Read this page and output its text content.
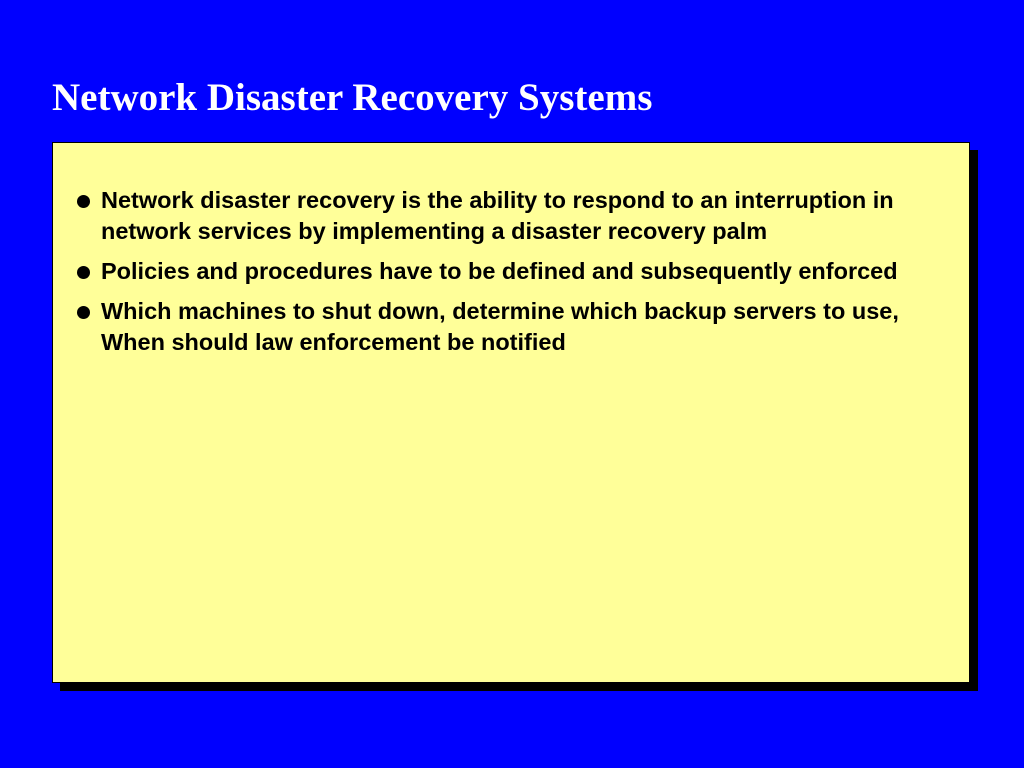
Network Disaster Recovery Systems
Network disaster recovery is the ability to respond to an interruption in network services by implementing a disaster recovery palm
Policies and procedures have to be defined and subsequently enforced
Which machines to shut down, determine which backup servers to use, When should law enforcement be notified
